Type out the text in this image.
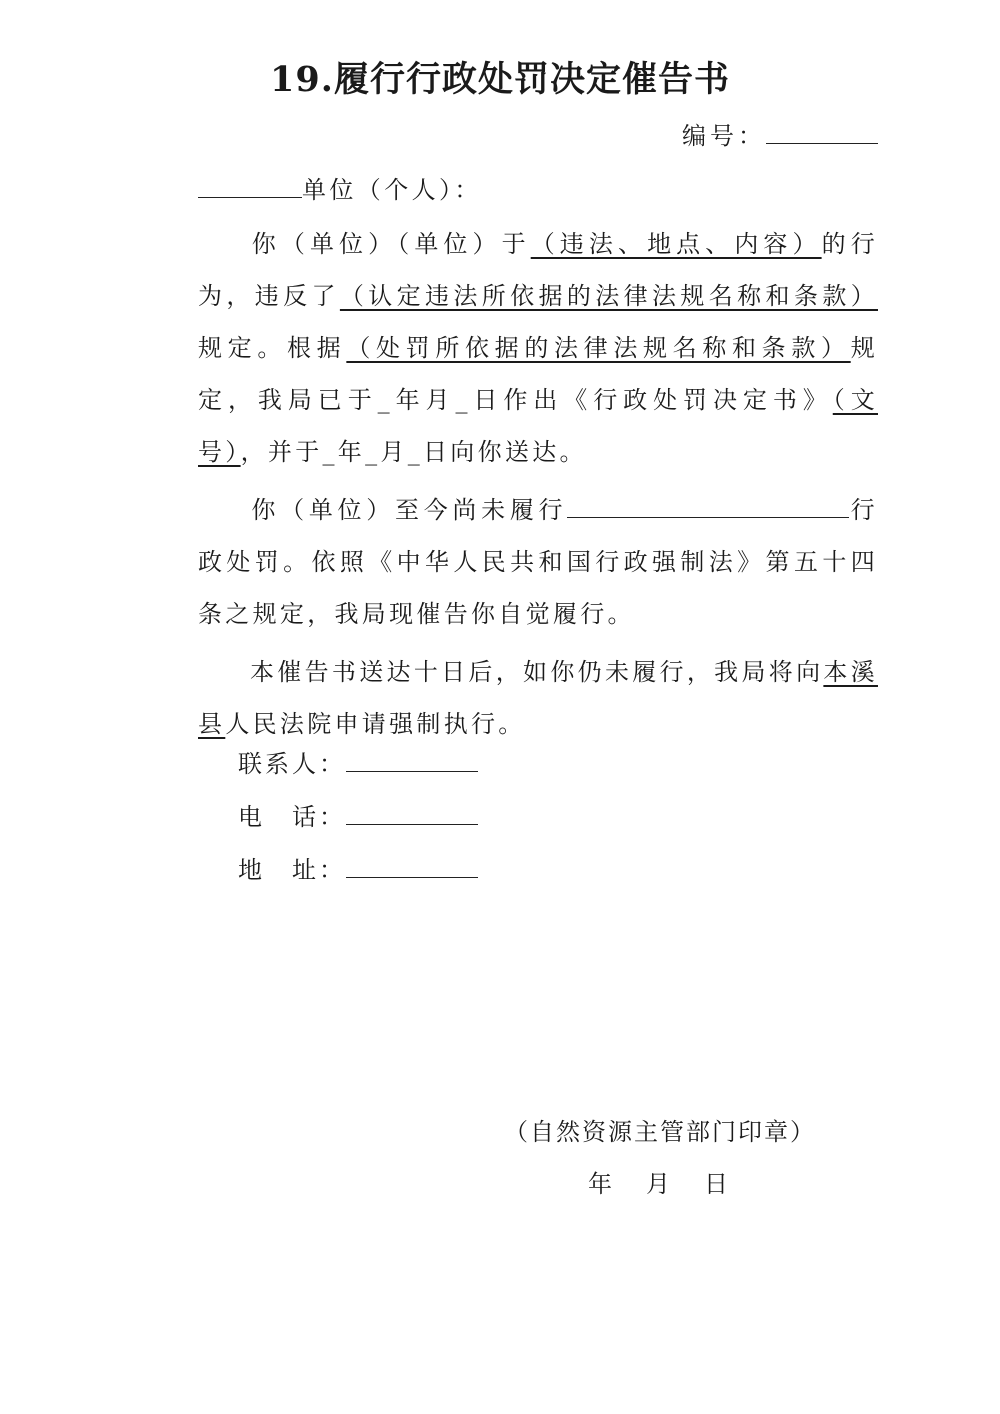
19.履行行政处罚决定催告书
编号：
单位（个人）：
你（单位）（单位）于（违法、地点、内容）的行为，违反了（认定违法所依据的法律法规名称和条款）规定。根据（处罚所依据的法律法规名称和条款）规定，我局已于_年月_日作出《行政处罚决定书》（文号），并于_年_月_日向你送达。
你（单位）至今尚未履行	行政处罚。依照《中华人民共和国行政强制法》第五十四条之规定，我局现催告你自觉履行。
本催告书送达十日后，如你仍未履行，我局将向本溪县人民法院申请强制执行。
联系人：
电　话：
地　址：
（自然资源主管部门印章）
年 月 日
